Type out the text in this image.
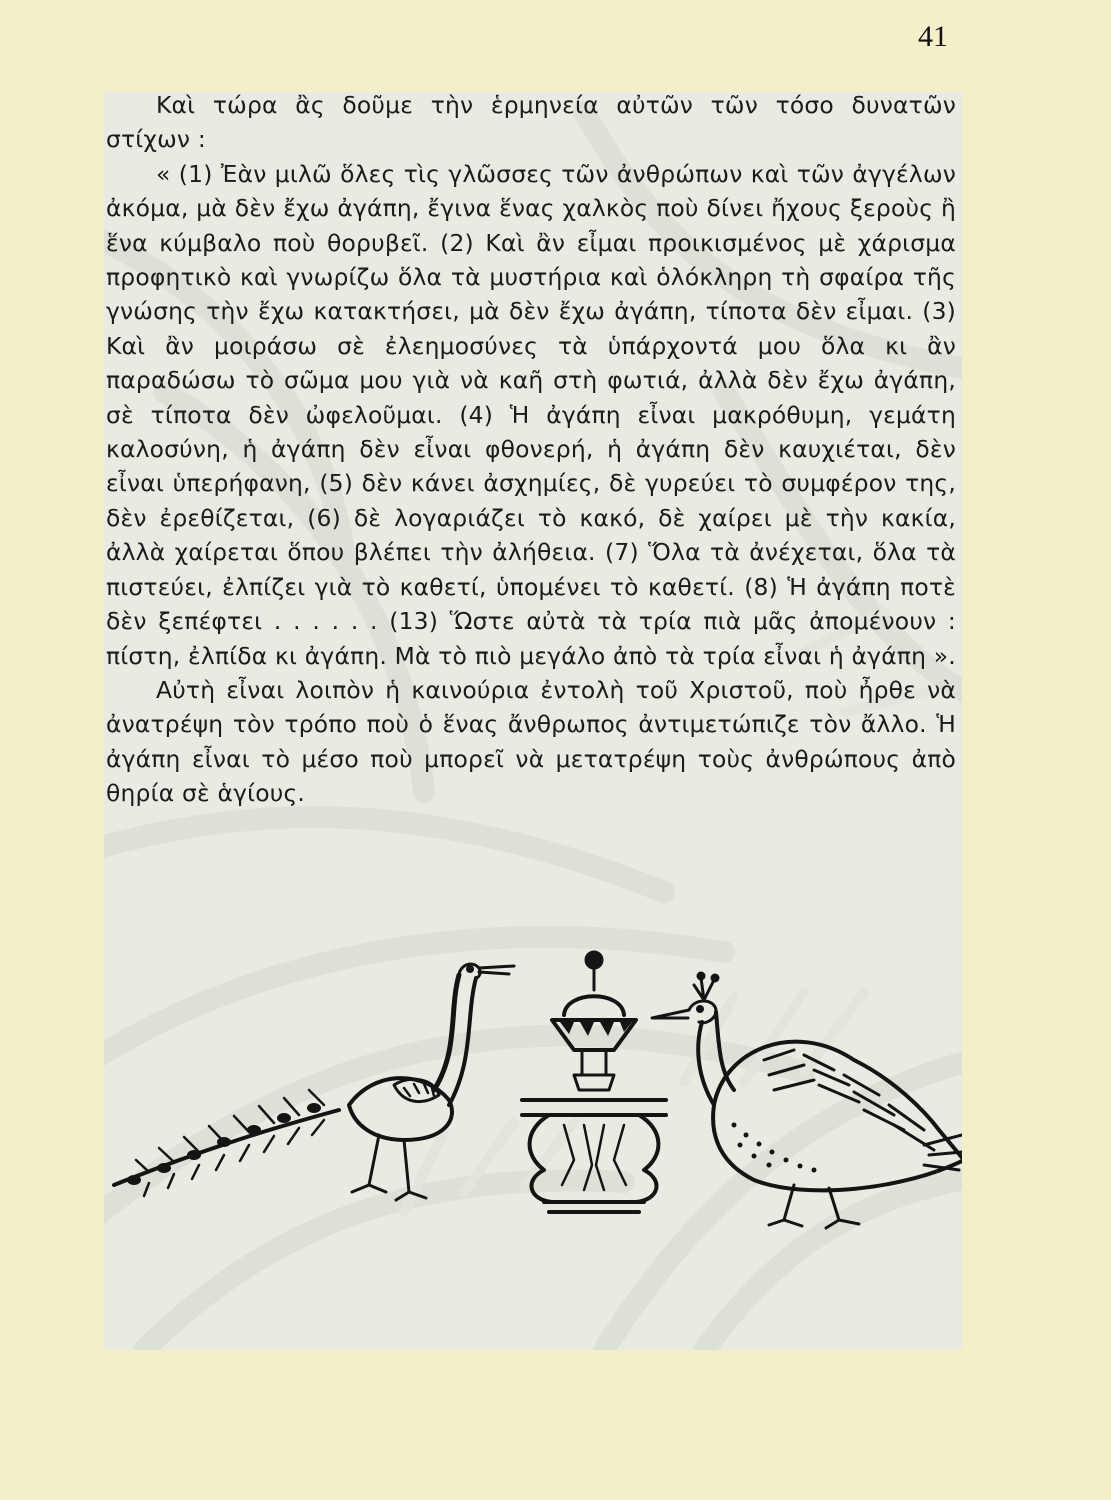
41

Καὶ τώρα ἂς δοῦμε τὴν ἑρμηνεία αὐτῶν τῶν τόσο δυνατῶν στίχων :

« (1) Ἐὰν μιλῶ ὅλες τὶς γλῶσσες τῶν ἀνθρώπων καὶ τῶν ἀγγέλων ἀκόμα, μὰ δὲν ἔχω ἀγάπη, ἔγινα ἕνας χαλκὸς ποὺ δίνει ἤχους ξεροὺς ἢ ἕνα κύμβαλο ποὺ θορυβεῖ. (2) Καὶ ἂν εἶμαι προικισμένος μὲ χάρισμα προφητικὸ καὶ γνωρίζω ὅλα τὰ μυστήρια καὶ ὁλόκληρη τὴ σφαίρα τῆς γνώσης τὴν ἔχω κατακτήσει, μὰ δὲν ἔχω ἀγάπη, τίποτα δὲν εἶμαι. (3) Καὶ ἂν μοιράσω σὲ ἐλεημοσύνες τὰ ὑπάρχοντά μου ὅλα κι ἂν παραδώσω τὸ σῶμα μου γιὰ νὰ καῆ στὴ φωτιά, ἀλλὰ δὲν ἔχω ἀγάπη, σὲ τίποτα δὲν ὠφελοῦμαι. (4) Ἡ ἀγάπη εἶναι μακρόθυμη, γεμάτη καλοσύνη, ἡ ἀγάπη δὲν εἶναι φθονερή, ἡ ἀγάπη δὲν καυχιέται, δὲν εἶναι ὑπερήφανη, (5) δὲν κάνει ἀσχημίες, δὲ γυρεύει τὸ συμφέρον της, δὲν ἐρεθίζεται, (6) δὲ λογαριάζει τὸ κακό, δὲ χαίρει μὲ τὴν κακία, ἀλλὰ χαίρεται ὅπου βλέπει τὴν ἀλήθεια. (7) Ὅλα τὰ ἀνέχεται, ὅλα τὰ πιστεύει, ἐλπίζει γιὰ τὸ καθετί, ὑπομένει τὸ καθετί. (8) Ἡ ἀγάπη ποτὲ δὲν ξεπέφτει . . . . . . (13) Ὥστε αὐτὰ τὰ τρία πιὰ μᾶς ἀπομένουν : πίστη, ἐλπίδα κι ἀγάπη. Μὰ τὸ πιὸ μεγάλο ἀπὸ τὰ τρία εἶναι ἡ ἀγάπη ».

Αὐτὴ εἶναι λοιπὸν ἡ καινούρια ἐντολὴ τοῦ Χριστοῦ, ποὺ ἦρθε νὰ ἀνατρέψη τὸν τρόπο ποὺ ὁ ἕνας ἄνθρωπος ἀντιμετώπιζε τὸν ἄλλο. Ἡ ἀγάπη εἶναι τὸ μέσο ποὺ μπορεῖ νὰ μετατρέψη τοὺς ἀνθρώπους ἀπὸ θηρία σὲ ἁγίους.
